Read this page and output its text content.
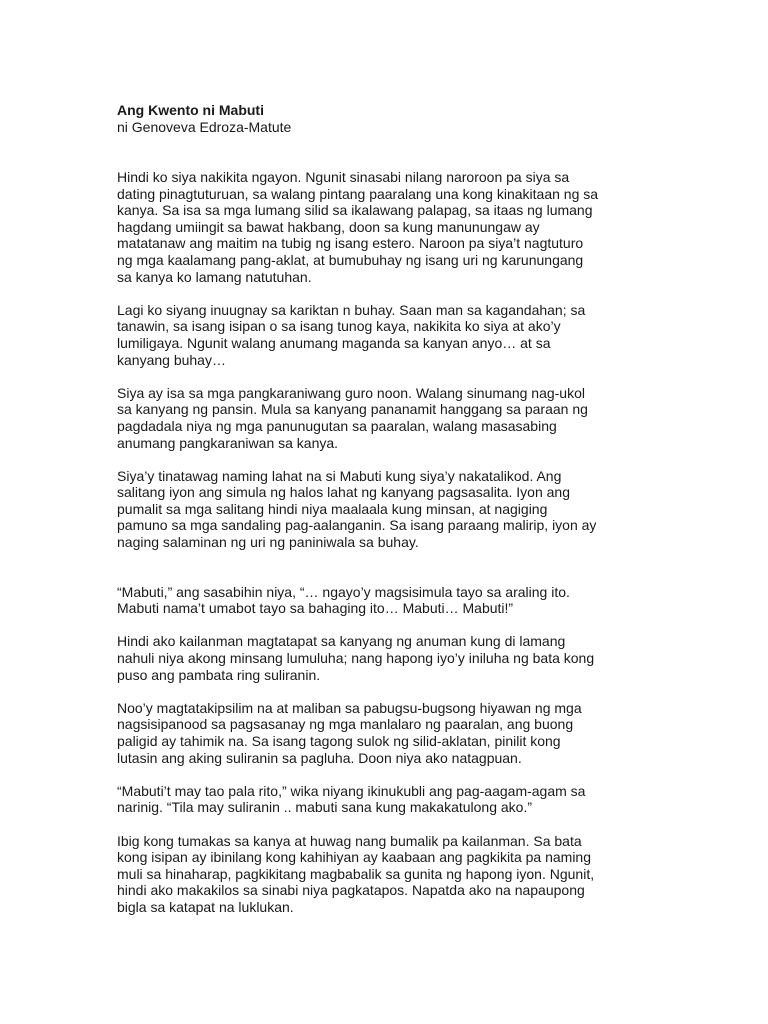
Ang Kwento ni Mabuti
ni Genoveva Edroza-Matute

Hindi ko siya nakikita ngayon. Ngunit sinasabi nilang naroroon pa siya sa
dating pinagtuturuan, sa walang pintang paaralang una kong kinakitaan ng sa
kanya. Sa isa sa mga lumang silid sa ikalawang palapag, sa itaas ng lumang
hagdang umiingit sa bawat hakbang, doon sa kung manunungaw ay
matatanaw ang maitim na tubig ng isang estero. Naroon pa siya’t nagtuturo
ng mga kaalamang pang-aklat, at bumubuhay ng isang uri ng karunungang
sa kanya ko lamang natutuhan.

Lagi ko siyang inuugnay sa kariktan n buhay. Saan man sa kagandahan; sa
tanawin, sa isang isipan o sa isang tunog kaya, nakikita ko siya at ako’y
lumiligaya. Ngunit walang anumang maganda sa kanyan anyo… at sa
kanyang buhay…

Siya ay isa sa mga pangkaraniwang guro noon. Walang sinumang nag-ukol
sa kanyang ng pansin. Mula sa kanyang pananamit hanggang sa paraan ng
pagdadala niya ng mga panunugutan sa paaralan, walang masasabing
anumang pangkaraniwan sa kanya.

Siya’y tinatawag naming lahat na si Mabuti kung siya’y nakatalikod. Ang
salitang iyon ang simula ng halos lahat ng kanyang pagsasalita. Iyon ang
pumalit sa mga salitang hindi niya maalaala kung minsan, at nagiging
pamuno sa mga sandaling pag-aalanganin. Sa isang paraang malirip, iyon ay
naging salaminan ng uri ng paniniwala sa buhay.

“Mabuti,” ang sasabihin niya, “… ngayo’y magsisimula tayo sa araling ito.
Mabuti nama’t umabot tayo sa bahaging ito… Mabuti… Mabuti!”

Hindi ako kailanman magtatapat sa kanyang ng anuman kung di lamang
nahuli niya akong minsang lumuluha; nang hapong iyo’y iniluha ng bata kong
puso ang pambata ring suliranin.

Noo’y magtatakipsilim na at maliban sa pabugsu-bugsong hiyawan ng mga
nagsisipanood sa pagsasanay ng mga manlalaro ng paaralan, ang buong
paligid ay tahimik na. Sa isang tagong sulok ng silid-aklatan, pinilit kong
lutasin ang aking suliranin sa pagluha. Doon niya ako natagpuan.

“Mabuti’t may tao pala rito,” wika niyang ikinukubli ang pag-aagam-agam sa
narinig. “Tila may suliranin .. mabuti sana kung makakatulong ako.”

Ibig kong tumakas sa kanya at huwag nang bumalik pa kailanman. Sa bata
kong isipan ay ibinilang kong kahihiyan ay kaabaan ang pagkikita pa naming
muli sa hinaharap, pagkikitang magbabalik sa gunita ng hapong iyon. Ngunit,
hindi ako makakilos sa sinabi niya pagkatapos. Napatda ako na napaupong
bigla sa katapat na luklukan.
